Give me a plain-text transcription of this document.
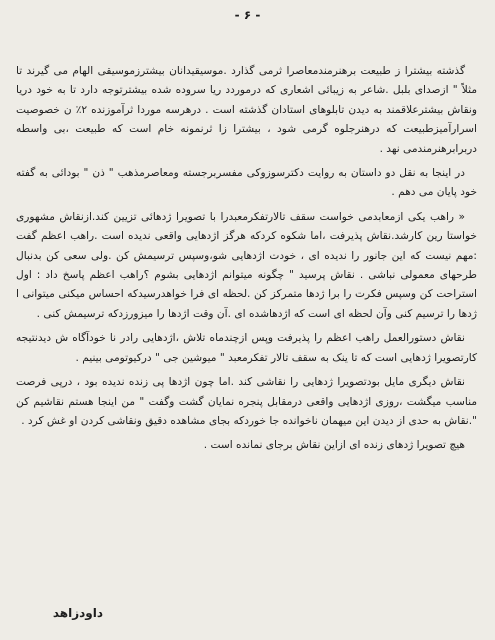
- ۶ -

گذشته بیشترا ز طبیعت برهنرمندمعاصرا ثرمی گذارد .موسیقیدانان بیشترزموسیقی الهام می گیرند تا مثلاً " ازصدای بلبل .شاعر به زیبائی اشعاری که درموردد ریا سروده شده بیشترتوجه دارد تا به خود دریا ونقاش بیشترعلاقمند به دیدن تابلوهای استادان گذشته است . درهرسه موردا ثرآموزنده ۲٪ ن خصوصیت اسرارآمیزطبیعت که درهنرجلوه گرمی شود ، بیشترا زا ثرنمونه خام است که طبیعت ،بی واسطه دربرابرهنرمندمی نهد .

در اینجا به نقل دو داستان به روایت دکترسوزوکی مفسربرجسته ومعاصرمذهب " ذن " بودائی به گفته خود پایان می دهم .

« راهب یکی ازمعابدمی خواست سقف تالارتفکرمعبدرا با تصویرا ژدهائی تزیین کند.ازنقاش مشهوری خواستا رین کارشد.نقاش پذیرفت ،اما شکوه کردکه هرگز اژدهایی واقعی ندیده است .راهب اعظم گفت :مهم نیست که این جانور را ندیده ای ، خودت اژدهایی شو،وسپس ترسیمش کن .ولی سعی کن بدنبال طرحهای معمولی نباشی . نقاش پرسید " چگونه میتوانم اژدهایی بشوم ؟راهب اعظم پاسخ داد : اول استراحت کن وسپس فکرت را برا ژدها متمرکز کن .لحظه ای فرا خواهدرسیدکه احساس میکنی میتوانی ا ژدها را ترسیم کنی وآن لحظه ای است که اژدهاشده ای .آن وقت اژدها را میزورزدکه ترسیمش کنی .

نقاش دستورالعمل راهب اعظم را پذیرفت وپس ازچندماه تلاش ،اژدهایی رادر نا خودآگاه ش دیدنتیجه کارتصویرا ژدهایی است که تا ینک به سقف تالار تفکرمعبد " میوشین جی " درکیوتومی بینیم .

نقاش دیگری مایل بودتصویرا ژدهایی را نقاشی کند .اما چون اژدها پی زنده ندیده بود ، درپی فرصت مناسب میگشت ،روزی اژدهایی واقعی درمقابل پنجره نمایان گشت وگفت " من اینجا هستم نقاشیم کن ".نقاش به حدی از دیدن این میهمان ناخوانده جا خوردکه بجای مشاهده دقیق ونقاشی کردن او غش کرد .

هیچ تصویرا ژدهای زنده ای ازاین نقاش برجای نمانده است .

داودزاهد
